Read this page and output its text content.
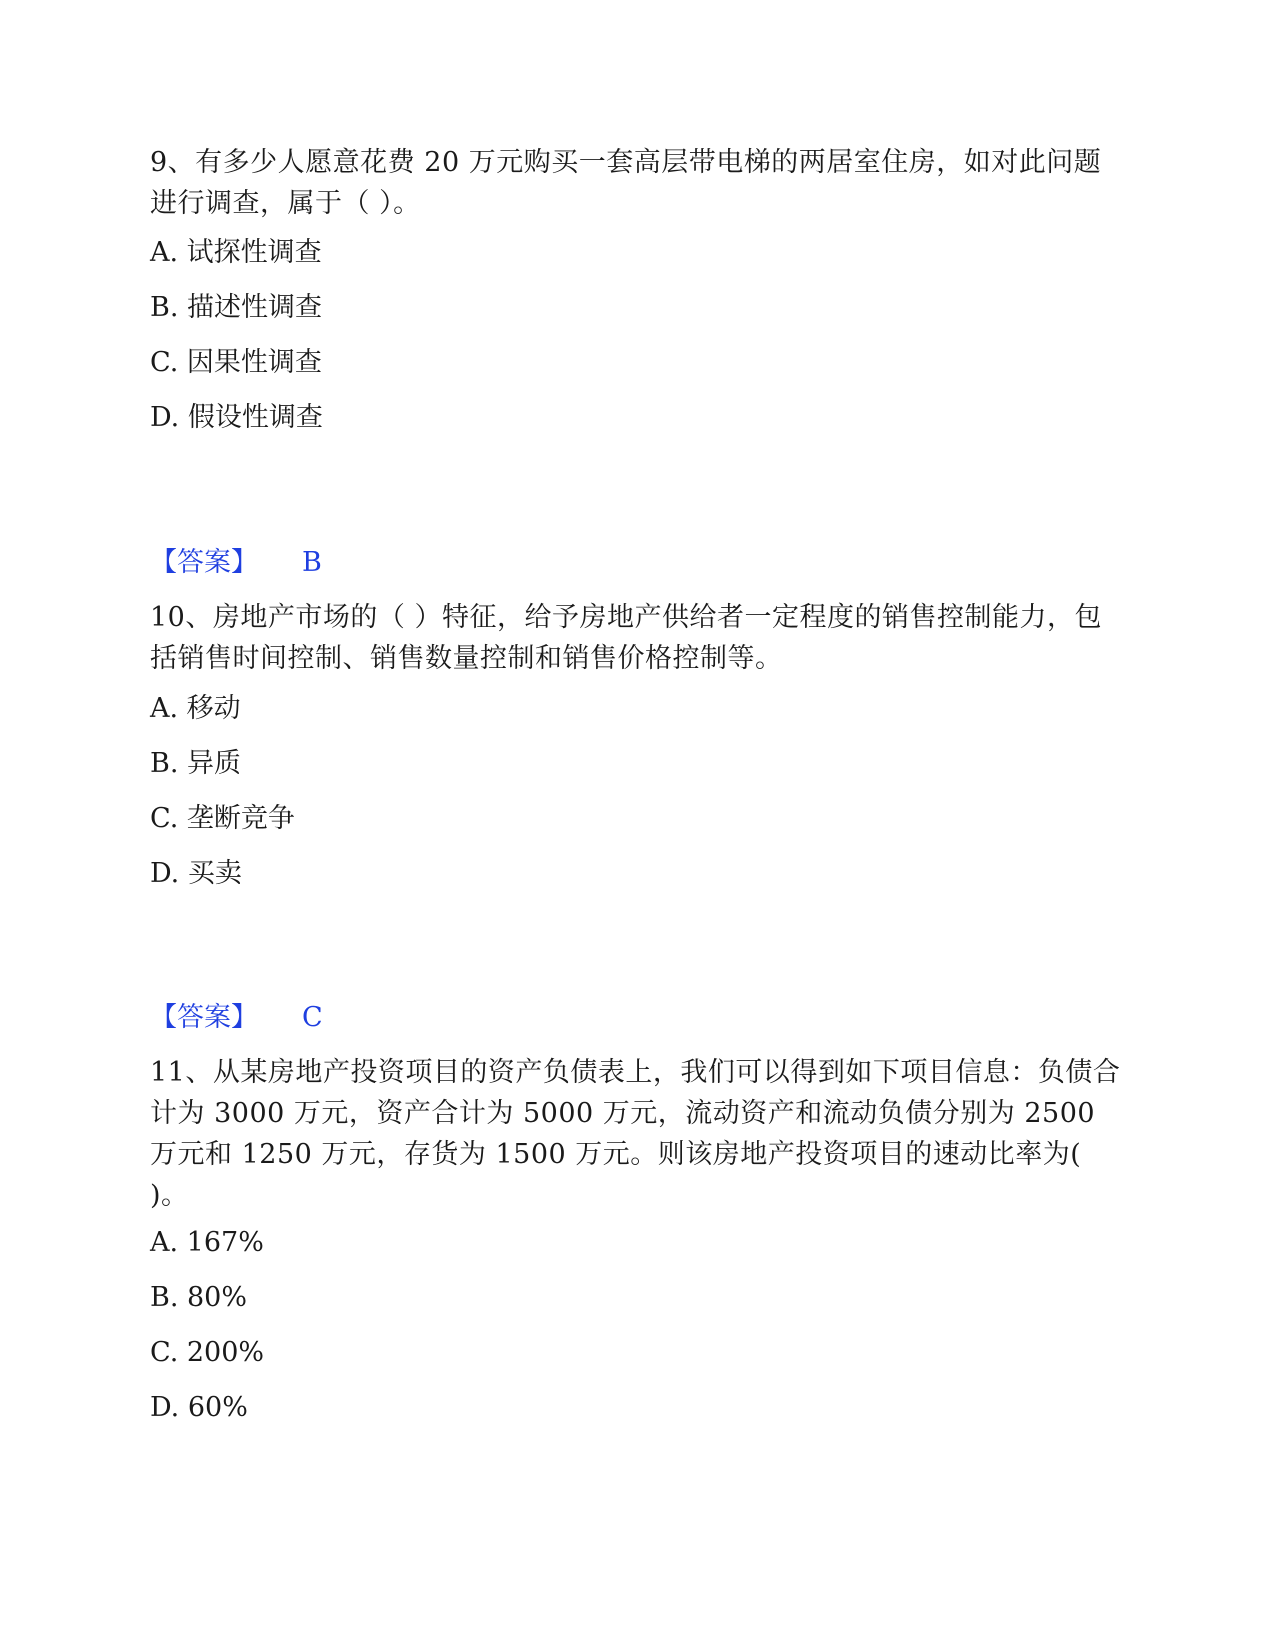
9、有多少人愿意花费 20 万元购买一套高层带电梯的两居室住房，如对此问题进行调查，属于（ ）。

A. 试探性调查

B. 描述性调查

C. 因果性调查

D. 假设性调查

【答案】 B

10、房地产市场的（ ）特征，给予房地产供给者一定程度的销售控制能力，包括销售时间控制、销售数量控制和销售价格控制等。

A. 移动

B. 异质

C. 垄断竞争

D. 买卖

【答案】 C

11、从某房地产投资项目的资产负债表上，我们可以得到如下项目信息：负债合计为 3000 万元，资产合计为 5000 万元，流动资产和流动负债分别为 2500 万元和 1250 万元，存货为 1500 万元。则该房地产投资项目的速动比率为( )。

A. 167%

B. 80%

C. 200%

D. 60%
